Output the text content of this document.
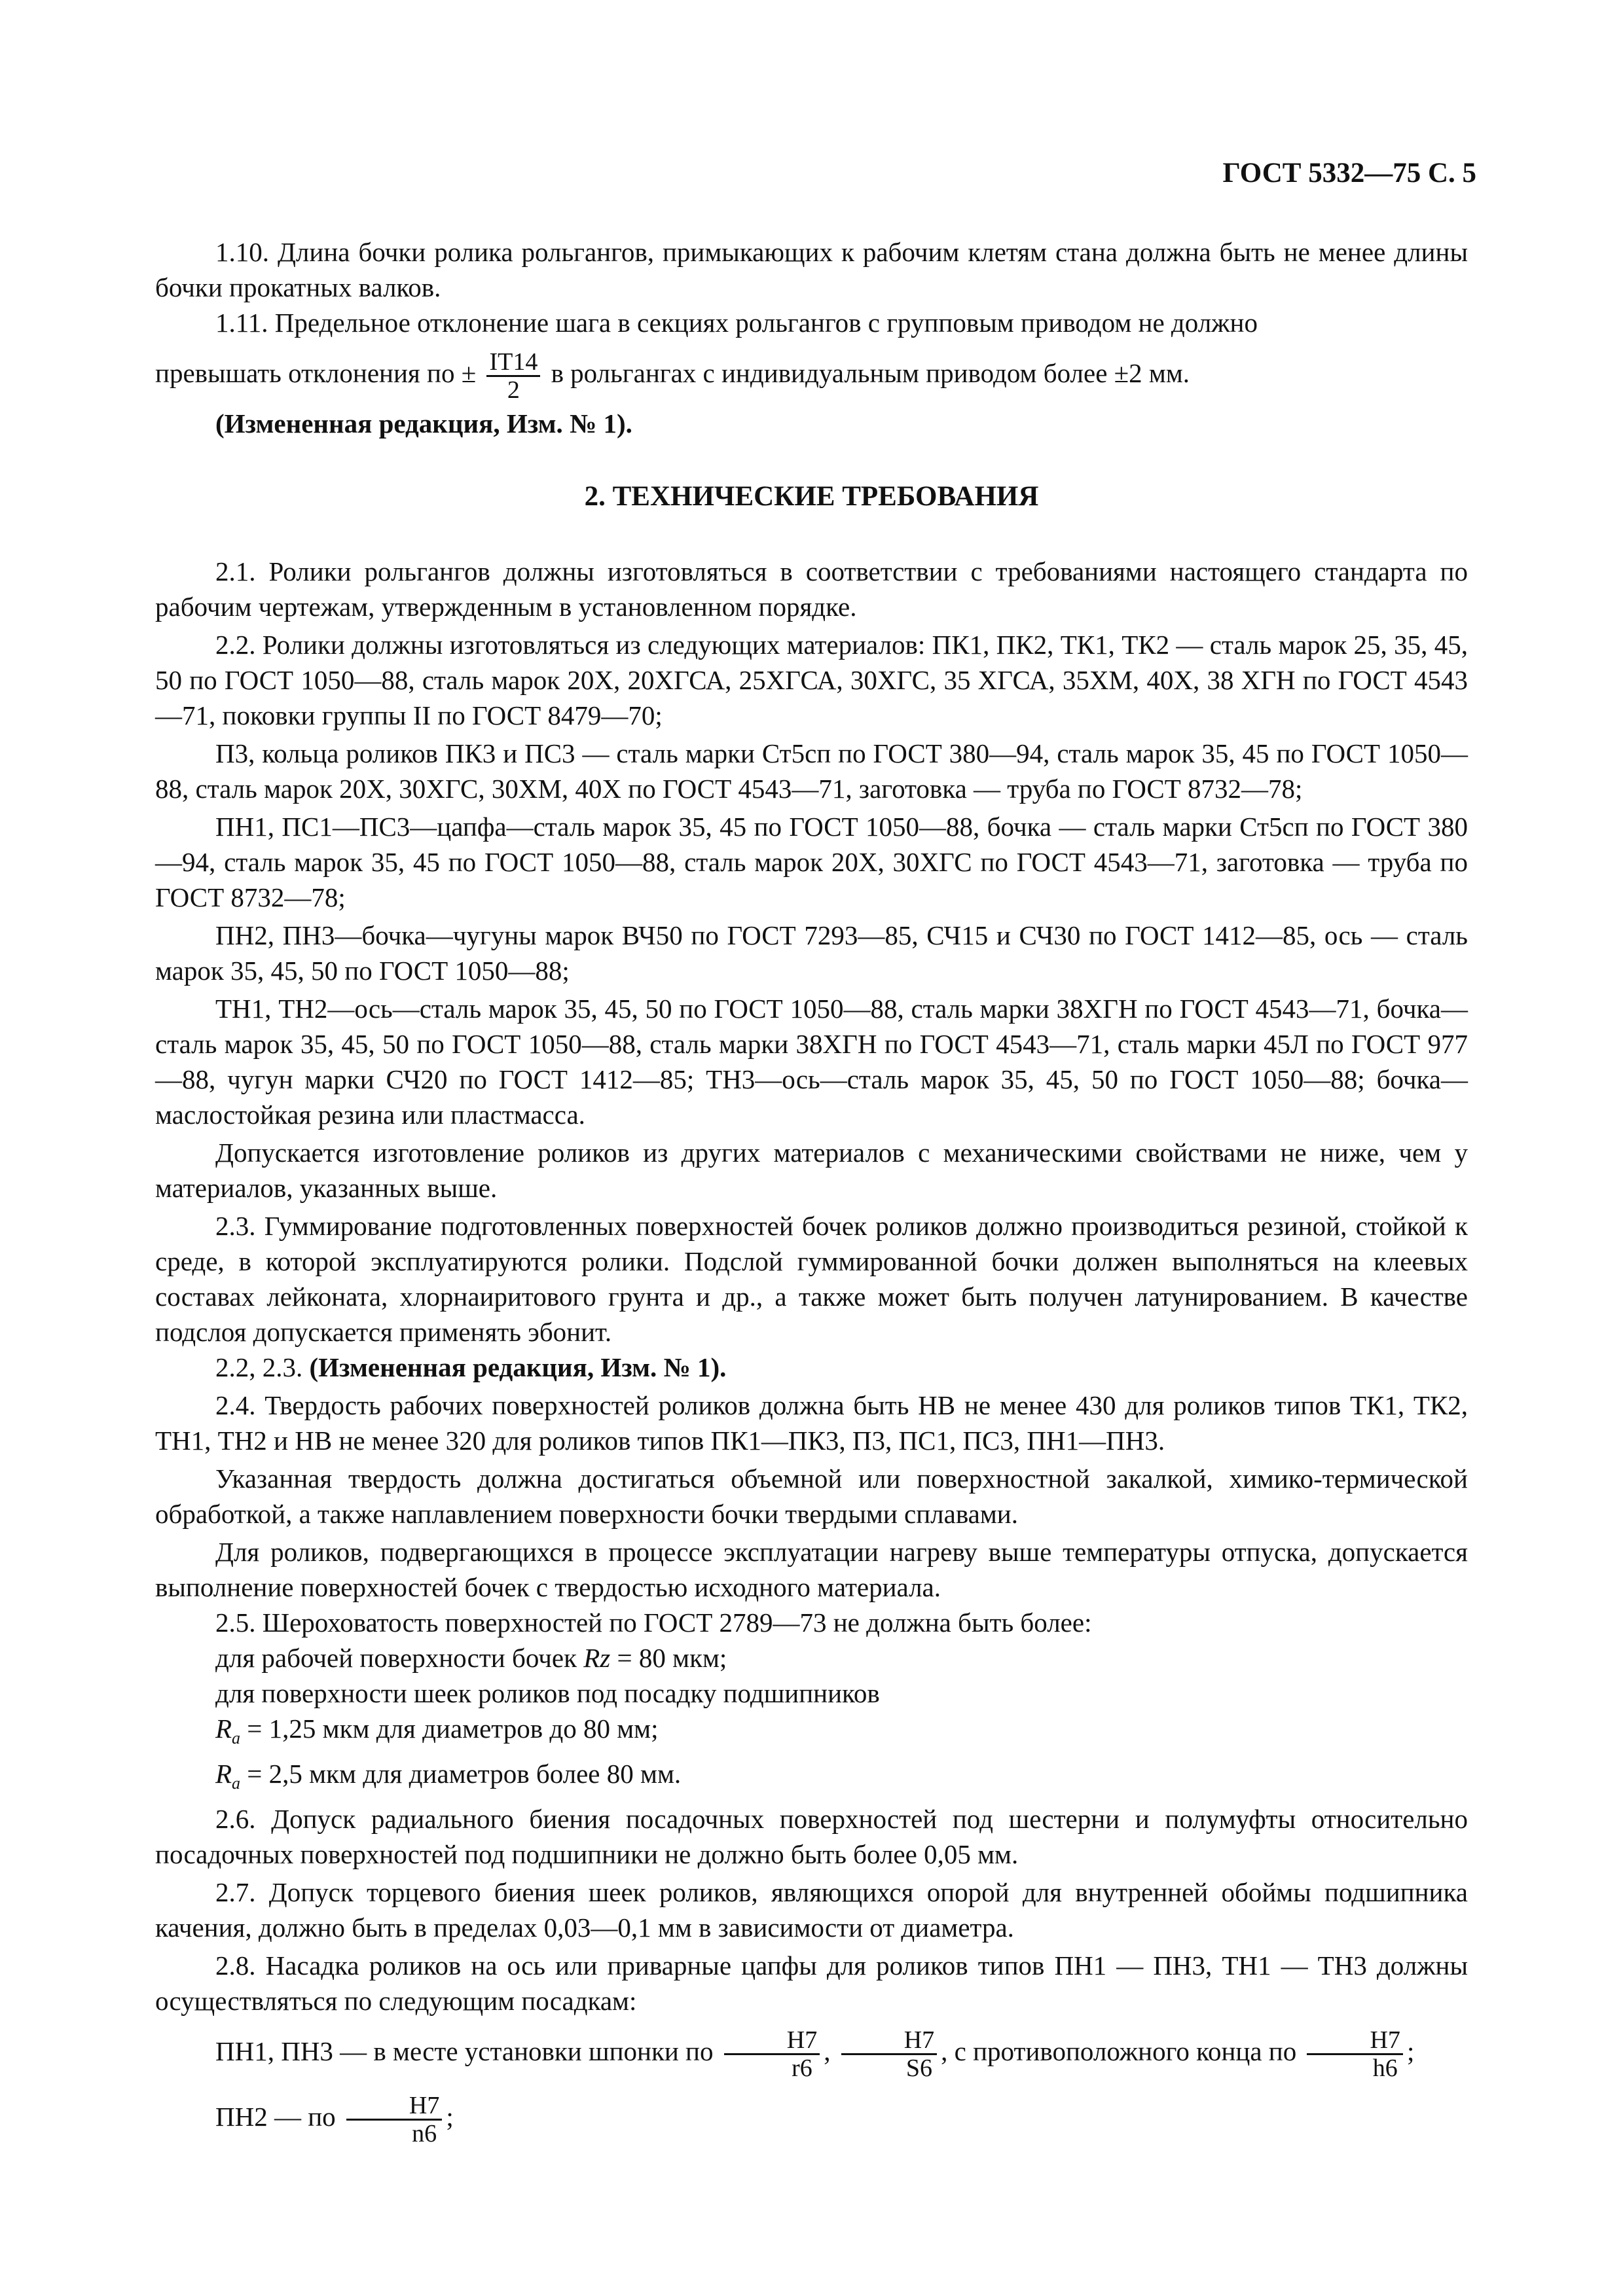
ГОСТ 5332—75 С. 5

1.10. Длина бочки ролика рольгангов, примыкающих к рабочим клетям стана должна быть не менее длины бочки прокатных валков.

1.11. Предельное отклонение шага в секциях рольгангов с групповым приводом не должно

превышать отклонения по ± $\frac{IT14}{2}$ в рольгангах с индивидуальным приводом более ±2 мм.

(Измененная редакция, Изм. № 1).

2. ТЕХНИЧЕСКИЕ ТРЕБОВАНИЯ

2.1. Ролики рольгангов должны изготовляться в соответствии с требованиями настоящего стандарта по рабочим чертежам, утвержденным в установленном порядке.

2.2. Ролики должны изготовляться из следующих материалов: ПК1, ПК2, ТК1, ТК2 — сталь марок 25, 35, 45, 50 по ГОСТ 1050—88, сталь марок 20Х, 20ХГСА, 25ХГСА, 30ХГС, 35 ХГСА, 35ХМ, 40Х, 38 ХГН по ГОСТ 4543—71, поковки группы II по ГОСТ 8479—70;

П3, кольца роликов ПК3 и ПС3 — сталь марки Ст5сп по ГОСТ 380—94, сталь марок 35, 45 по ГОСТ 1050—88, сталь марок 20Х, 30ХГС, 30ХМ, 40Х по ГОСТ 4543—71, заготовка — труба по ГОСТ 8732—78;

ПН1, ПС1—ПС3—цапфа—сталь марок 35, 45 по ГОСТ 1050—88, бочка — сталь марки Ст5сп по ГОСТ 380—94, сталь марок 35, 45 по ГОСТ 1050—88, сталь марок 20Х, 30ХГС по ГОСТ 4543—71, заготовка — труба по ГОСТ 8732—78;

ПН2, ПН3—бочка—чугуны марок ВЧ50 по ГОСТ 7293—85, СЧ15 и СЧ30 по ГОСТ 1412—85, ось — сталь марок 35, 45, 50 по ГОСТ 1050—88;

ТН1, ТН2—ось—сталь марок 35, 45, 50 по ГОСТ 1050—88, сталь марки 38ХГН по ГОСТ 4543—71, бочка—сталь марок 35, 45, 50 по ГОСТ 1050—88, сталь марки 38ХГН по ГОСТ 4543—71, сталь марки 45Л по ГОСТ 977—88, чугун марки СЧ20 по ГОСТ 1412—85; ТН3—ось—сталь марок 35, 45, 50 по ГОСТ 1050—88; бочка—маслостойкая резина или пластмасса.

Допускается изготовление роликов из других материалов с механическими свойствами не ниже, чем у материалов, указанных выше.

2.3. Гуммирование подготовленных поверхностей бочек роликов должно производиться резиной, стойкой к среде, в которой эксплуатируются ролики. Подслой гуммированной бочки должен выполняться на клеевых составах лейконата, хлорнаиритового грунта и др., а также может быть получен латунированием. В качестве подслоя допускается применять эбонит.

2.2, 2.3. (Измененная редакция, Изм. № 1).

2.4. Твердость рабочих поверхностей роликов должна быть НВ не менее 430 для роликов типов ТК1, ТК2, ТН1, ТН2 и НВ не менее 320 для роликов типов ПК1—ПК3, П3, ПС1, ПС3, ПН1—ПН3.

Указанная твердость должна достигаться объемной или поверхностной закалкой, химико-термической обработкой, а также наплавлением поверхности бочки твердыми сплавами.

Для роликов, подвергающихся в процессе эксплуатации нагреву выше температуры отпуска, допускается выполнение поверхностей бочек с твердостью исходного материала.

2.5. Шероховатость поверхностей по ГОСТ 2789—73 не должна быть более:

для рабочей поверхности бочек Rz = 80 мкм;

для поверхности шеек роликов под посадку подшипников

$R_a = 1,25$ мкм для диаметров до 80 мм;

$R_a = 2,5$ мкм для диаметров более 80 мм.

2.6. Допуск радиального биения посадочных поверхностей под шестерни и полумуфты относительно посадочных поверхностей под подшипники не должно быть более 0,05 мм.

2.7. Допуск торцевого биения шеек роликов, являющихся опорой для внутренней обоймы подшипника качения, должно быть в пределах 0,03—0,1 мм в зависимости от диаметра.

2.8. Насадка роликов на ось или приварные цапфы для роликов типов ПН1 — ПН3, ТН1 — ТН3 должны осуществляться по следующим посадкам:

ПН1, ПН3 — в месте установки шпонки по $\frac{H7}{r6}$ , $\frac{H7}{S6}$ , с противоположного конца по $\frac{H7}{h6}$ ;

ПН2 — по $\frac{H7}{n6}$ ;
